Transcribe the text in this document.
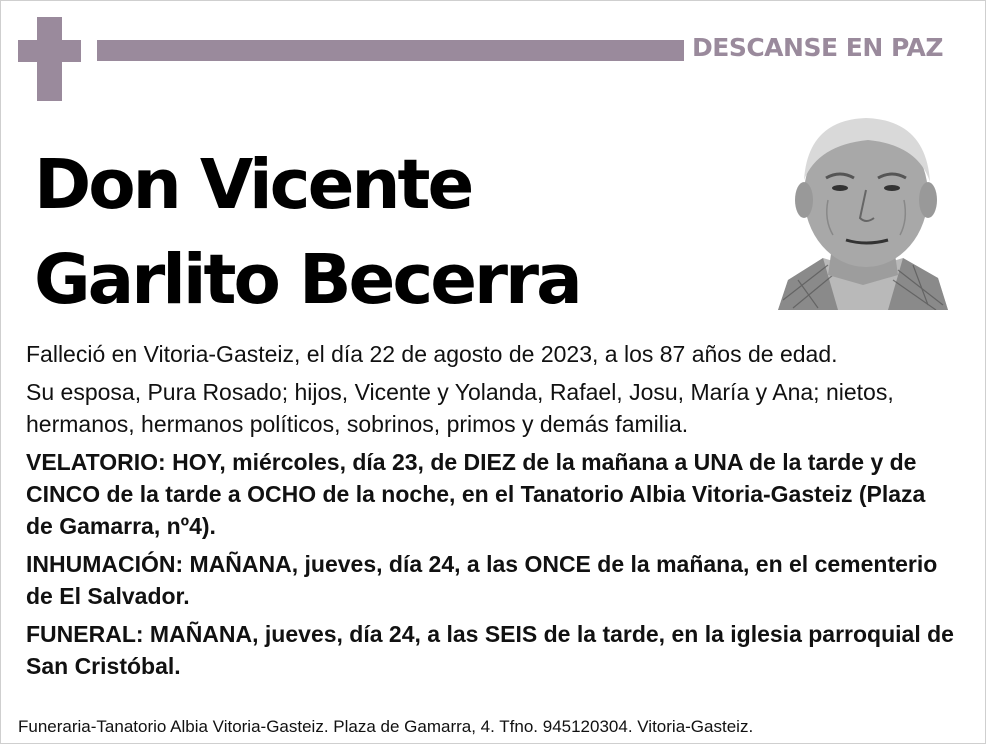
DESCANSE EN PAZ
Don Vicente
Garlito Becerra

Falleció en Vitoria-Gasteiz, el día 22 de agosto de 2023, a los 87 años de edad.

Su esposa, Pura Rosado; hijos, Vicente y Yolanda, Rafael, Josu, María y Ana; nietos, hermanos, hermanos políticos, sobrinos, primos y demás familia.

VELATORIO: HOY, miércoles, día 23, de DIEZ de la mañana a UNA de la tarde y de CINCO de la tarde a OCHO de la noche, en el Tanatorio Albia Vitoria-Gasteiz (Plaza de Gamarra, nº4).

INHUMACIÓN: MAÑANA, jueves, día 24, a las ONCE de la mañana, en el cementerio de El Salvador.

FUNERAL: MAÑANA, jueves, día 24, a las SEIS de la tarde, en la iglesia parroquial de San Cristóbal.

Funeraria-Tanatorio Albia Vitoria-Gasteiz. Plaza de Gamarra, 4. Tfno. 945120304. Vitoria-Gasteiz.
